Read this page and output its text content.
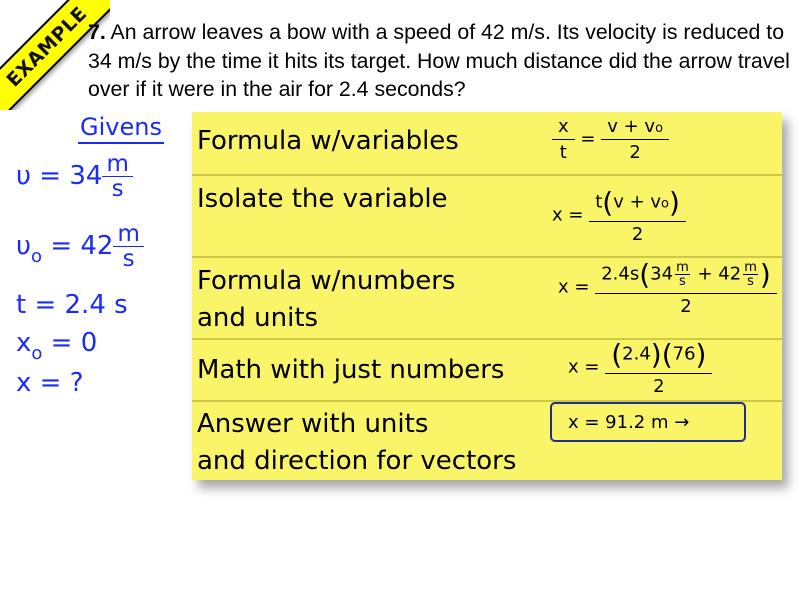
EXAMPLE
7. An arrow leaves a bow with a speed of 42 m/s. Its velocity is reduced to 34 m/s by the time it hits its target. How much distance did the arrow travel over if it were in the air for 2.4 seconds?
Givens
$\upsilon = 34 \frac{m}{s}$
$\upsilon_o = 42 \frac{m}{s}$
t = 2.4 s
$x_o = 0$
x = ?
Formula w/variables
Isolate the variable
Formula w/numbers
and units
Math with just numbers
Answer with units
and direction for vectors
$\frac{x}{t} = \frac{v + vo}{2}$
$x = \frac{t(v + vo)}{2}$
$x = \frac{2.4s(34 \frac{m}{s} + 42 \frac{m}{s} )}{2}$
$x = \frac{(2.4)(76)}{2}$
x = 91.2 m →
